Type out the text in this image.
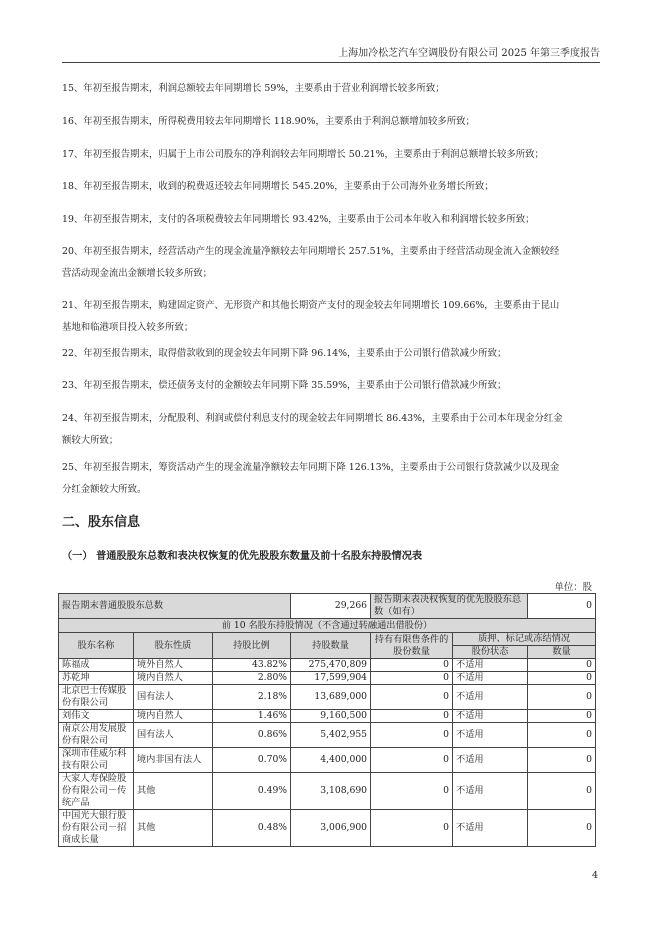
上海加冷松芝汽车空调股份有限公司 2025 年第三季度报告
15、年初至报告期末，利润总额较去年同期增长 59%，主要系由于营业利润增长较多所致；
16、年初至报告期末，所得税费用较去年同期增长 118.90%，主要系由于利润总额增加较多所致；
17、年初至报告期末，归属于上市公司股东的净利润较去年同期增长 50.21%，主要系由于利润总额增长较多所致；
18、年初至报告期末，收到的税费返还较去年同期增长 545.20%，主要系由于公司海外业务增长所致；
19、年初至报告期末，支付的各项税费较去年同期增长 93.42%，主要系由于公司本年收入和利润增长较多所致；
20、年初至报告期末，经营活动产生的现金流量净额较去年同期增长 257.51%，主要系由于经营活动现金流入金额较经
营活动现金流出金额增长较多所致；
21、年初至报告期末，购建固定资产、无形资产和其他长期资产支付的现金较去年同期增长 109.66%，主要系由于昆山
基地和临港项目投入较多所致；
22、年初至报告期末，取得借款收到的现金较去年同期下降 96.14%，主要系由于公司银行借款减少所致；
23、年初至报告期末，偿还债务支付的金额较去年同期下降 35.59%，主要系由于公司银行借款减少所致；
24、年初至报告期末，分配股利、利润或偿付利息支付的现金较去年同期增长 86.43%，主要系由于公司本年现金分红金
额较大所致；
25、年初至报告期末，筹资活动产生的现金流量净额较去年同期下降 126.13%，主要系由于公司银行贷款减少以及现金
分红金额较大所致。
二、股东信息
（一） 普通股股东总数和表决权恢复的优先股股东数量及前十名股东持股情况表
单位：股
报告期末普通股股东总数			29,266	报告期末表决权恢复的优先股股东总数（如有）		0
前 10 名股东持股情况（不含通过转融通出借股份）						
股东名称	股东性质	持股比例	持股数量	持有有限售条件的股份数量	质押、标记或冻结情况	
					股份状态	数量
陈福成	境外自然人	43.82%	275,470,809	0	不适用	0
苏乾坤	境内自然人	2.80%	17,599,904	0	不适用	0
北京巴士传媒股份有限公司	国有法人	2.18%	13,689,000	0	不适用	0
刘伟文	境内自然人	1.46%	9,160,500	0	不适用	0
南京公用发展股份有限公司	国有法人	0.86%	5,402,955	0	不适用	0
深圳市佳威尔科技有限公司	境内非国有法人	0.70%	4,400,000	0	不适用	0
大家人寿保险股份有限公司－传统产品	其他	0.49%	3,108,690	0	不适用	0
中国光大银行股份有限公司－招商成长量	其他	0.48%	3,006,900	0	不适用	0
4
